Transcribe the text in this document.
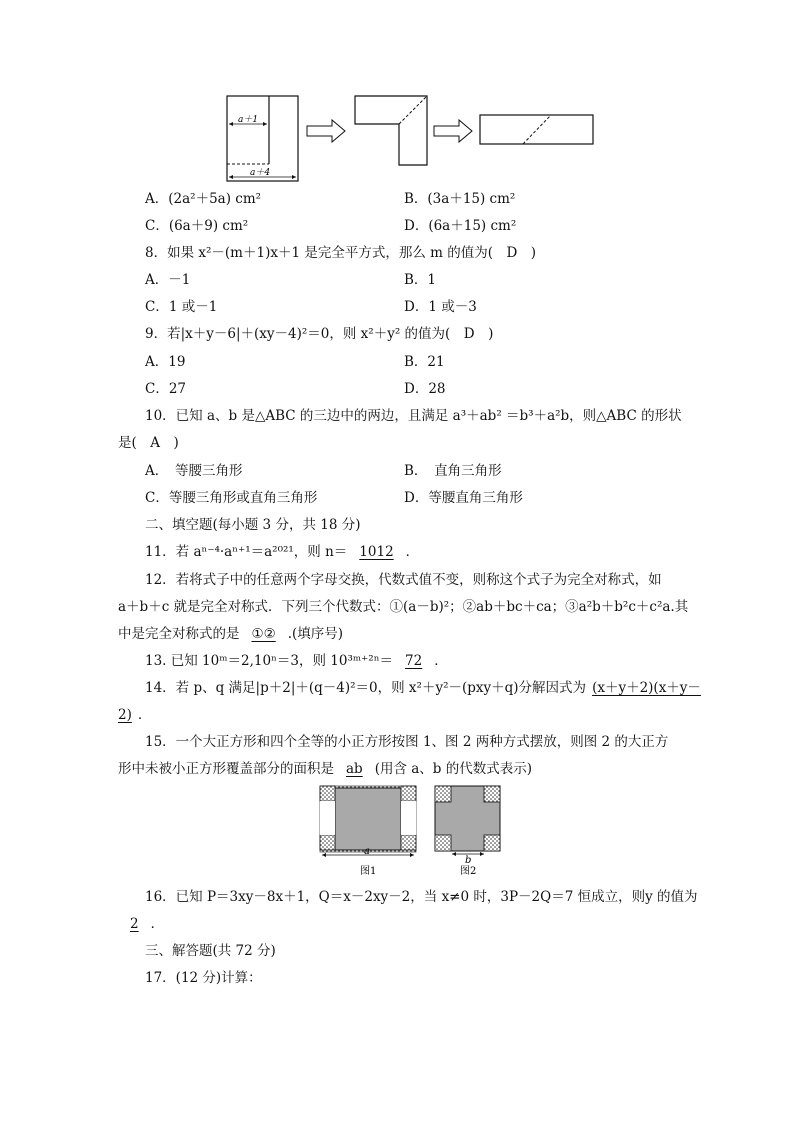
a＋1
a＋4
A．(2a²＋5a) cm²	B．(3a＋15) cm²
C．(6a＋9) cm²	D．(6a＋15) cm²
8．如果 x²－(m＋1)x＋1 是完全平方式，那么 m 的值为(　D　)
A．－1	B．1
C．1 或－1	D．1 或－3
9．若|x＋y－6|＋(xy－4)²＝0，则 x²＋y² 的值为(　D　)
A．19	B．21
C．27	D．28
10．已知 a、b 是△ABC 的三边中的两边，且满足 a³＋ab² ＝b³＋a²b，则△ABC 的形状
是(　A　)
A．　等腰三角形	B．　直角三角形
C．等腰三角形或直角三角形	D．等腰直角三角形
二、填空题(每小题 3 分，共 18 分)
11．若 aⁿ⁻⁴·aⁿ⁺¹＝a²⁰²¹，则 n＝ 1012 ．
12．若将式子中的任意两个字母交换，代数式值不变，则称这个式子为完全对称式，如
a＋b＋c 就是完全对称式．下列三个代数式：①(a－b)²；②ab＋bc＋ca；③a²b＋b²c＋c²a.其
中是完全对称式的是 ①② .(填序号)
13. 已知 10ᵐ＝2,10ⁿ＝3，则 10³ᵐ⁺²ⁿ＝ 72 ．
14．若 p、q 满足|p＋2|＋(q－4)²＝0，则 x²＋y²－(pxy＋q)分解因式为 (x＋y＋2)(x＋y－
2) ．
15．一个大正方形和四个全等的小正方形按图 1、图 2 两种方式摆放，则图 2 的大正方
形中未被小正方形覆盖部分的面积是 ab (用含 a、b 的代数式表示)
a
图1
b
图2
16．已知 P＝3xy－8x＋1，Q＝x－2xy－2，当 x≠0 时，3P－2Q＝7 恒成立，则y 的值为
2 ．
三、解答题(共 72 分)
17．(12 分)计算：
